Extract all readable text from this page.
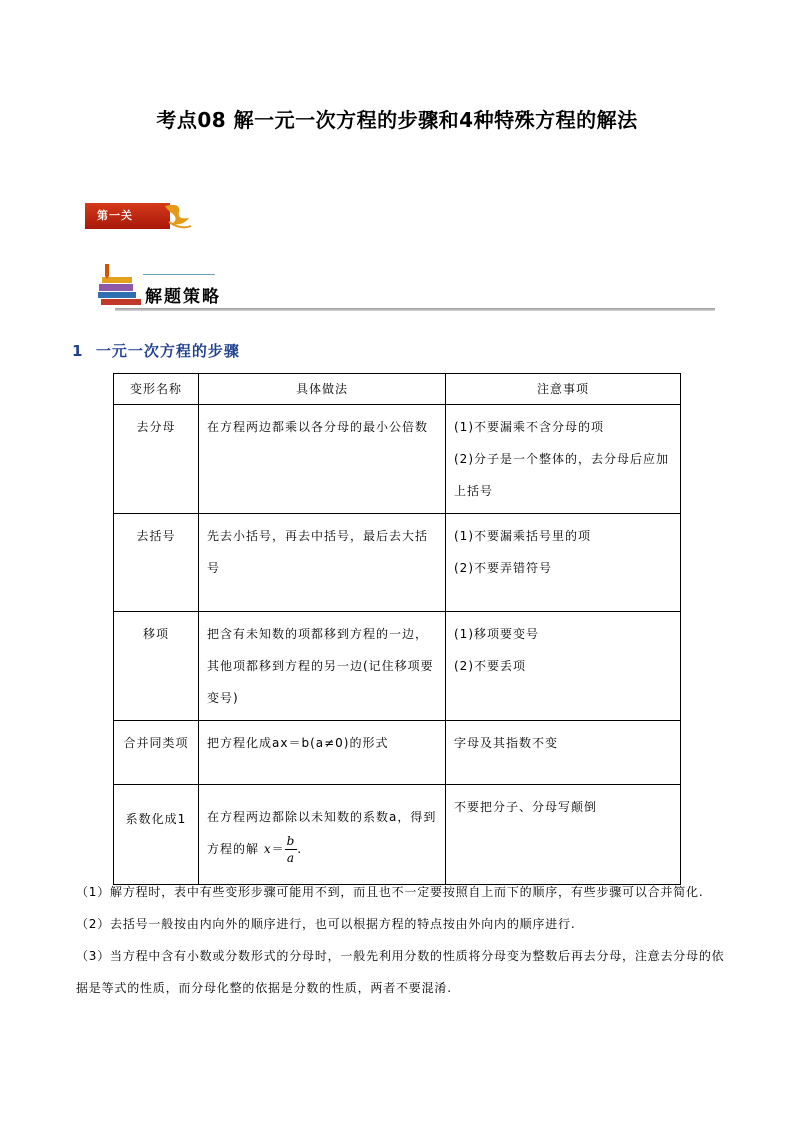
考点08 解一元一次方程的步骤和4种特殊方程的解法
第一关
解题策略
1 一元一次方程的步骤
变形名称	具体做法	注意事项
去分母	在方程两边都乘以各分母的最小公倍数	(1)不要漏乘不含分母的项
(2)分子是一个整体的，去分母后应加上括号

去括号	先去小括号，再去中括号，最后去大括号	(1)不要漏乘括号里的项
(2)不要弄错符号

移项	把含有未知数的项都移到方程的一边，其他项都移到方程的另一边(记住移项要变号)	(1)移项要变号
(2)不要丢项

合并同类项	把方程化成ax＝b(a≠0)的形式	字母及其指数不变

系数化成1	在方程两边都除以未知数的系数a，得到方程的解 $x= \frac{b}{a}$ .	不要把分子、分母写颠倒

（1）解方程时，表中有些变形步骤可能用不到，而且也不一定要按照自上而下的顺序，有些步骤可以合并简化.

（2）去括号一般按由内向外的顺序进行，也可以根据方程的特点按由外向内的顺序进行.

（3）当方程中含有小数或分数形式的分母时，一般先利用分数的性质将分母变为整数后再去分母，注意去分母的依据是等式的性质，而分母化整的依据是分数的性质，两者不要混淆.
